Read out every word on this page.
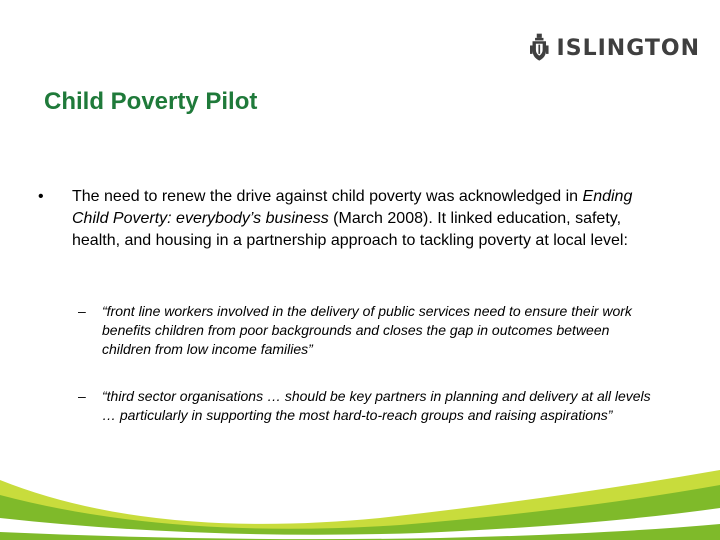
ISLINGTON
Child Poverty Pilot
•	The need to renew the drive against child poverty was acknowledged in Ending Child Poverty: everybody’s business (March 2008). It linked education, safety, health, and housing in a partnership approach to tackling poverty at local level:
–	“front line workers involved in the delivery of public services need to ensure their work benefits children from poor backgrounds and closes the gap in outcomes between children from low income families”
–	“third sector organisations … should be key partners in planning and delivery at all levels … particularly in supporting the most hard-to-reach groups and raising aspirations”
